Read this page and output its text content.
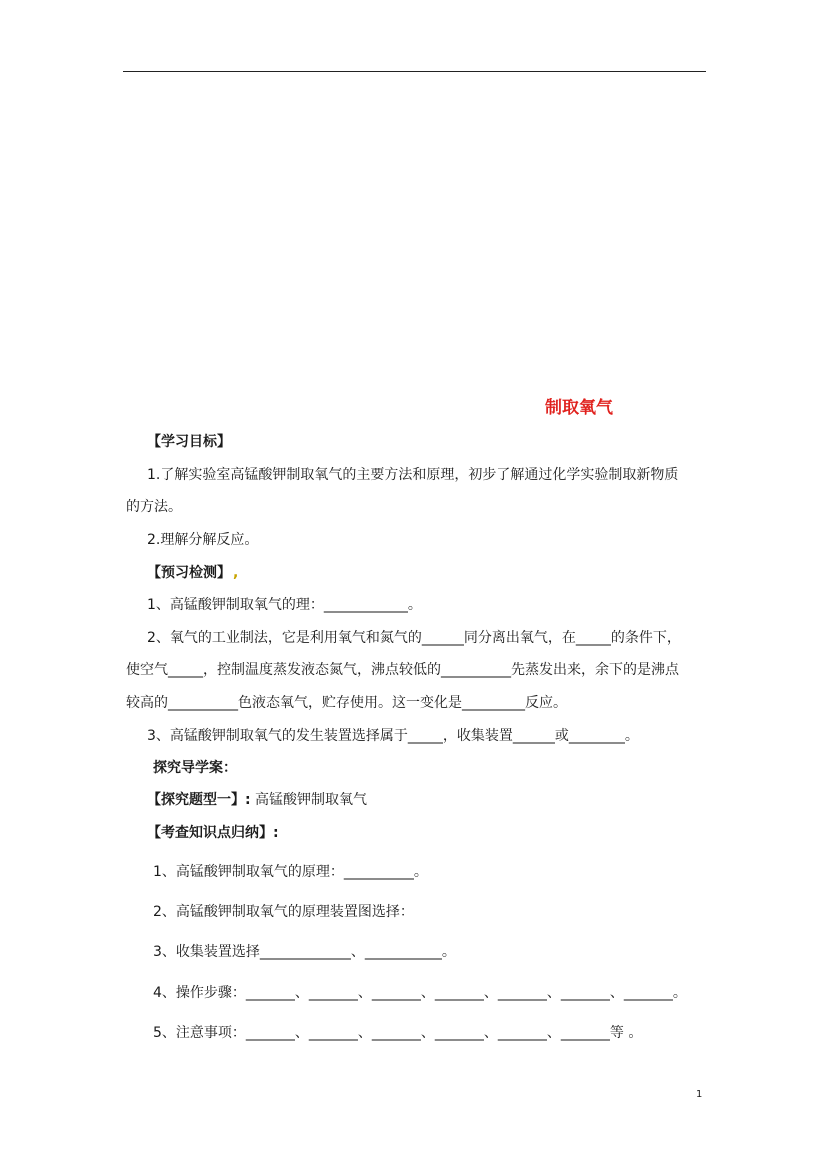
制取氧气
【学习目标】
1.了解实验室高锰酸钾制取氧气的主要方法和原理，初步了解通过化学实验制取新物质
的方法。
2.理解分解反应。
【预习检测】 ,
1、高锰酸钾制取氧气的理：____________。
2、氧气的工业制法，它是利用氧气和氮气的______同分离出氧气，在_____的条件下，
使空气_____，控制温度蒸发液态氮气，沸点较低的__________先蒸发出来，余下的是沸点
较高的__________色液态氧气，贮存使用。这一变化是_________反应。
3、高锰酸钾制取氧气的发生装置选择属于_____，收集装置______或________。
探究导学案：
【探究题型一】: 高锰酸钾制取氧气
【考查知识点归纳】:
1、高锰酸钾制取氧气的原理：__________。
2、高锰酸钾制取氧气的原理装置图选择：
3、收集装置选择_____________、___________。
4、操作步骤：_______、_______、_______、_______、_______、_______、_______。
5、注意事项：_______、_______、_______、_______、_______、_______等 。
1
